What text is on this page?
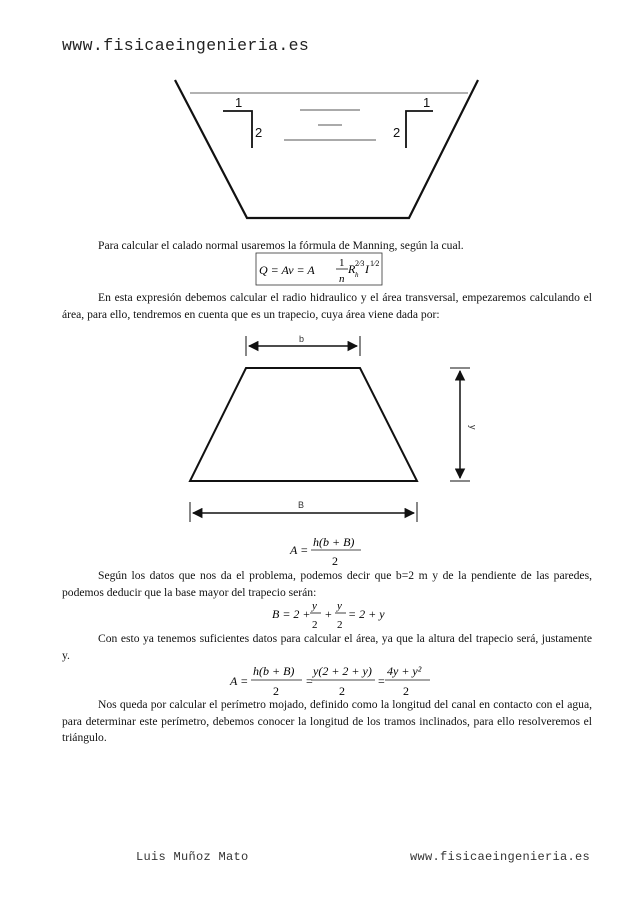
www.fisicaeingenieria.es
1
2
1
2

Para calcular el calado normal usaremos la fórmula de Manning, según la cual.

Q = Av = A 1
n
R h
2⁄3 I 1⁄2

En esta expresión debemos calcular el radio hidraulico y el área transversal, empezaremos calculando el área, para ello, tendremos en cuenta que es un trapecio, cuya área viene dada por:

b
y
B
A =
h(b + B)
2

Según los datos que nos da el problema, podemos decir que b=2 m y de la pendiente de las paredes, podemos deducir que la base mayor del trapecio serán:

B = 2 +
y
2
+
y
2
= 2 + y

Con esto ya tenemos suficientes datos para calcular el área, ya que la altura del trapecio será, justamente y.

A =
h(b + B)
2
=
y(2 + 2 + y)
2
=
4y + y²
2

Nos queda por calcular el perímetro mojado, definido como la longitud del canal en contacto con el agua, para determinar este perímetro, debemos conocer la longitud de los tramos inclinados, para ello resolveremos el triángulo.

Luis Muñoz Mato	www.fisicaeingenieria.es
